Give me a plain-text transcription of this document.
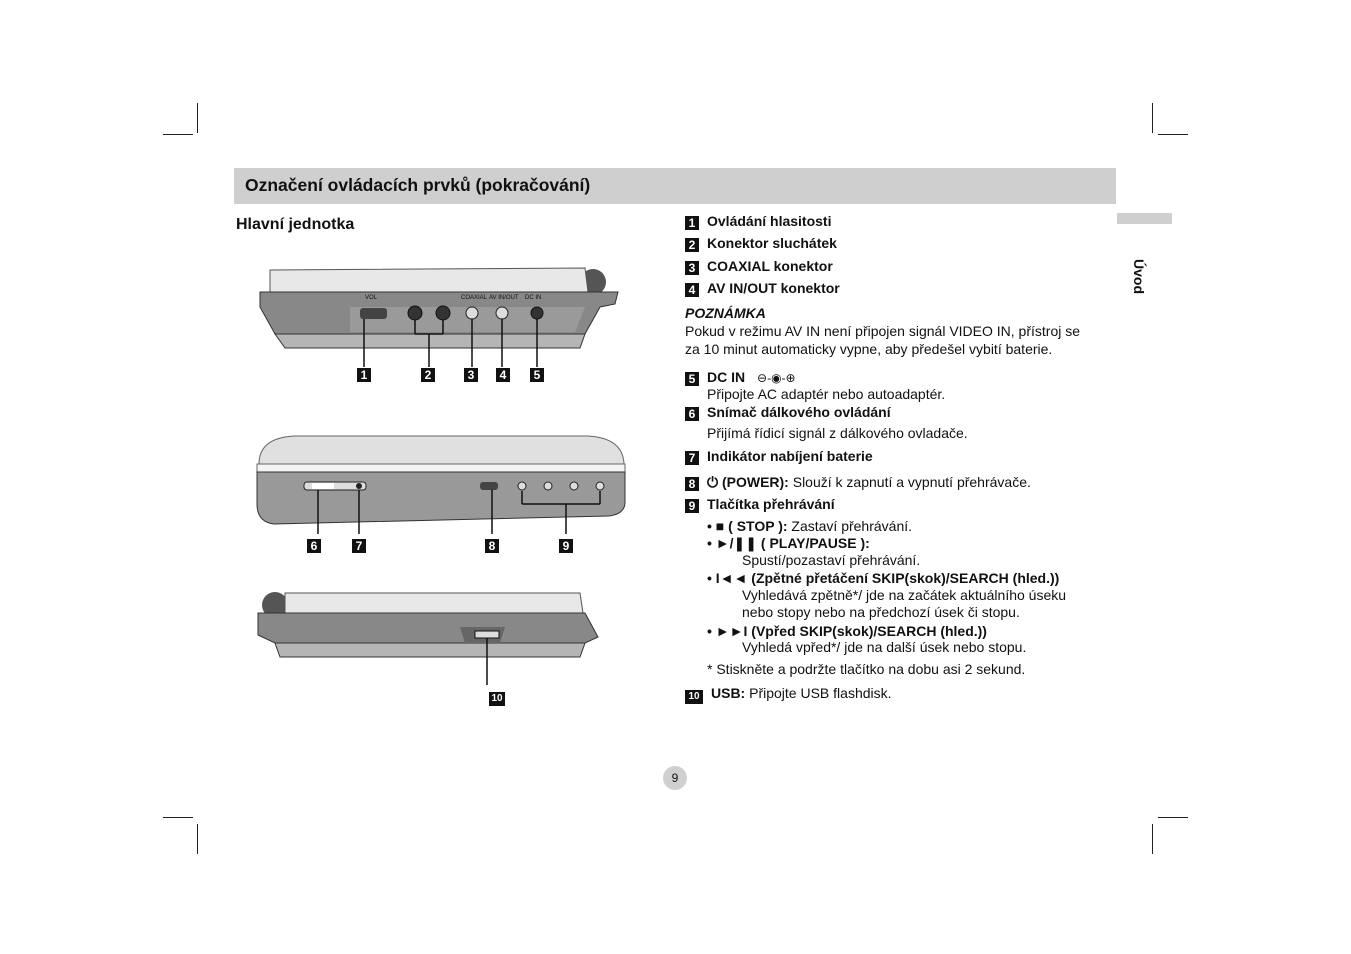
Označení ovládacích prvků (pokračování)
Úvod
Hlavní jednotka
VOL	COAXIAL AV IN/OUT DC IN
1	2	3	4	5
6	7	8	9
10
1 Ovládání hlasitosti
2 Konektor sluchátek
3 COAXIAL konektor
4 AV IN/OUT konektor
POZNÁMKA
Pokud v režimu AV IN není připojen signál VIDEO IN, přístroj se
za 10 minut automaticky vypne, aby předešel vybití baterie.
5 DC IN ⊖-◉-⊕
Připojte AC adaptér nebo autoadaptér.
6 Snímač dálkového ovládání
Přijímá řídicí signál z dálkového ovladače.
7 Indikátor nabíjení baterie
8 ⏻ (POWER): Slouží k zapnutí a vypnutí přehrávače.
9 Tlačítka přehrávání
• ■ ( STOP ): Zastaví přehrávání.
• ►/❚❚ ( PLAY/PAUSE ):
Spustí/pozastaví přehrávání.
• I◄◄ (Zpětné přetáčení SKIP(skok)/SEARCH (hled.))
Vyhledává zpětně*/ jde na začátek aktuálního úseku
nebo stopy nebo na předchozí úsek či stopu.
• ►►I (Vpřed SKIP(skok)/SEARCH (hled.))
Vyhledá vpřed*/ jde na další úsek nebo stopu.
* Stiskněte a podržte tlačítko na dobu asi 2 sekund.
10 USB: Připojte USB flashdisk.
9
